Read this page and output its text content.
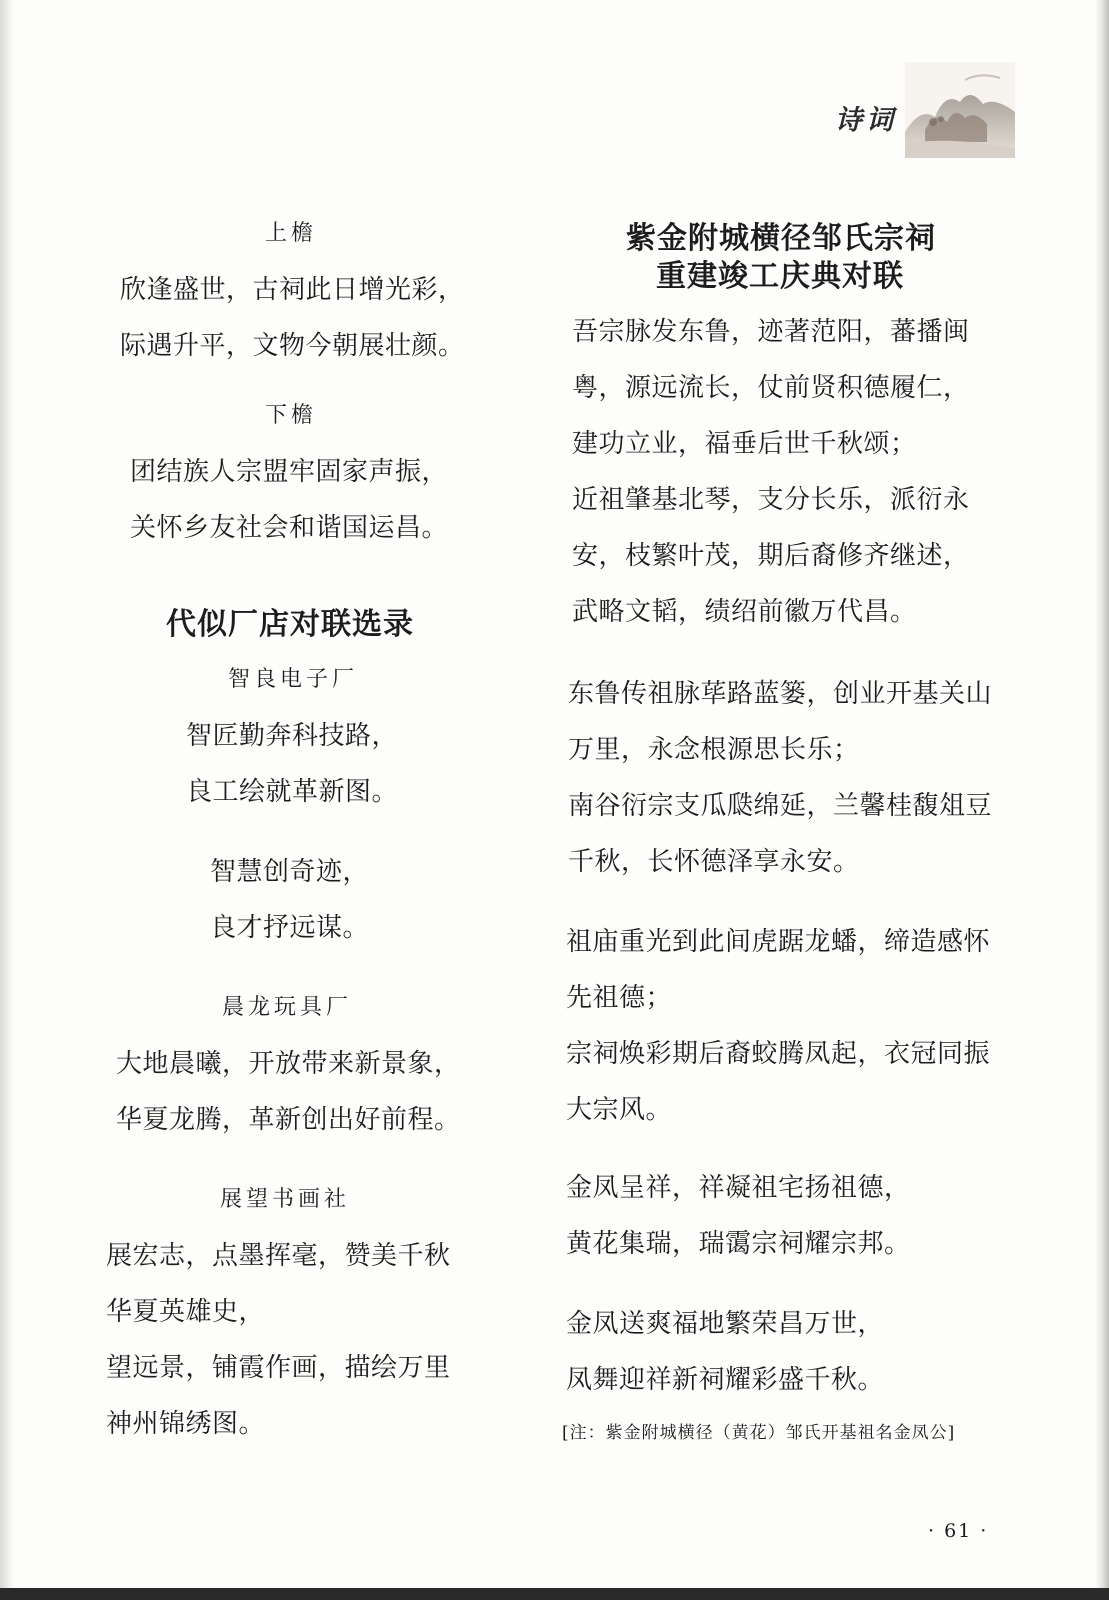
诗词
上檐
欣逢盛世，古祠此日增光彩，
际遇升平，文物今朝展壮颜。
下檐
团结族人宗盟牢固家声振，
关怀乡友社会和谐国运昌。
代似厂店对联选录
智良电子厂
智匠勤奔科技路，
良工绘就革新图。
智慧创奇迹，
良才抒远谋。
晨龙玩具厂
大地晨曦，开放带来新景象，
华夏龙腾，革新创出好前程。
展望书画社
展宏志，点墨挥毫，赞美千秋
华夏英雄史，
望远景，铺霞作画，描绘万里
神州锦绣图。
紫金附城横径邹氏宗祠
重建竣工庆典对联
吾宗脉发东鲁，迹著范阳，蕃播闽
粤，源远流长，仗前贤积德履仁，
建功立业，福垂后世千秋颂；
近祖肇基北琴，支分长乐，派衍永
安，枝繁叶茂，期后裔修齐继述，
武略文韬，绩绍前徽万代昌。
东鲁传祖脉荜路蓝篓，创业开基关山
万里，永念根源思长乐；
南谷衍宗支瓜瓞绵延，兰馨桂馥俎豆
千秋，长怀德泽享永安。
祖庙重光到此间虎踞龙蟠，缔造感怀
先祖德；
宗祠焕彩期后裔蛟腾凤起，衣冠同振
大宗风。
金凤呈祥，祥凝祖宅扬祖德，
黄花集瑞，瑞霭宗祠耀宗邦。
金凤送爽福地繁荣昌万世，
凤舞迎祥新祠耀彩盛千秋。
[注：紫金附城横径（黄花）邹氏开基祖名金凤公]
· 61 ·
